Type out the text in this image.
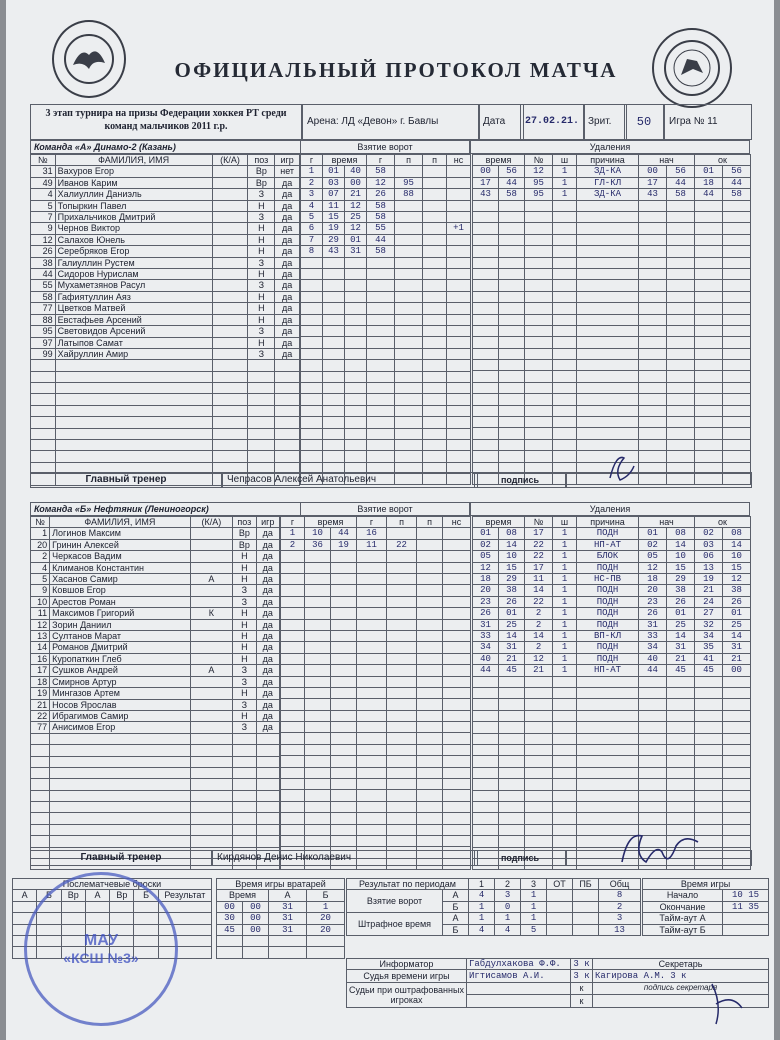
ОФИЦИАЛЬНЫЙ ПРОТОКОЛ МАТЧА
3 этап турнира на призы Федерации хоккея РТ среди команд мальчиков 2011 г.р.	Арена: ЛД «Девон» г. Бавлы	Дата	27.02.21. Зрит.	50	Игра № 11
Команда «А» Динамо-2 (Казань)	Взятие ворот	Удаления
№	ФАМИЛИЯ, ИМЯ	(К/А)	поз	игр
31	Вахуров Егор		Вр	нет
49	Иванов Карим		Вр	да
4	Халиуллин Даниэль		З	да
5	Топыркин Павел		Н	да
7	Прихальчиков Дмитрий		З	да
9	Чернов Виктор		Н	да
12	Салахов Юнель		Н	да
26	Серебряков Егор		Н	да
38	Галиуллин Рустем		З	да
44	Сидоров Нурислам		Н	да
55	Мухаметзянов Расул		З	да
58	Гафиятуллин Аяз		Н	да
77	Цветков Матвей		Н	да
88	Евстафьев Арсений		Н	да
95	Световидов Арсений		З	да
97	Латыпов Самат		Н	да
99	Хайруллин Амир		З	да

г	время		г	п	п	нс
1	01	40	58			
2	03	00	12	95		
3	07	21	26	88		
4	11	12	58			
5	15	25	58			
6	19	12	55			+1
7	29	01	44			
8	43	31	58			

время		№	ш	причина	нач		ок	
00	56	12	1	ЗД-КА	00	56	01	56
17	44	95	1	ГЛ-КЛ	17	44	18	44
43	58	95	1	ЗД-КА	43	58	44	58

Главный тренер	Чепрасов Алексей Анатольевич	подпись
Команда «Б» Нефтяник (Лениногорск)	Взятие ворот	Удаления
№	ФАМИЛИЯ, ИМЯ	(К/А)	поз	игр
1	Логинов Максим		Вр	да
20	Гринин Алексей		Вр	да
2	Черкасов Вадим		Н	да
4	Климанов Константин		Н	да
5	Хасанов Самир	А	Н	да
9	Ковшов Егор		З	да
10	Арестов Роман		З	да
11	Максимов Григорий	К	Н	да
12	Зорин Даниил		Н	да
13	Султанов Марат		Н	да
14	Романов Дмитрий		Н	да
16	Куропаткин Глеб		Н	да
17	Сушков Андрей	А	З	да
18	Смирнов Артур		З	да
19	Мингазов Артем		Н	да
21	Носов Ярослав		З	да
22	Ибрагимов Самир		Н	да
77	Анисимов Егор		З	да

г	время		г	п	п	нс
1	10	44	16			
2	36	19	11	22		

время		№	ш	причина	нач		ок	
01	08	17	1	ПОДН	01	08	02	08
02	14	22	1	НП-АТ	02	14	03	14
05	10	22	1	БЛОК	05	10	06	10
12	15	17	1	ПОДН	12	15	13	15
18	29	11	1	НС-ПВ	18	29	19	12
20	38	14	1	ПОДН	20	38	21	38
23	26	22	1	ПОДН	23	26	24	26
26	01	2	1	ПОДН	26	01	27	01
31	25	2	1	ПОДН	31	25	32	25
33	14	14	1	ВП-КЛ	33	14	34	14
34	31	2	1	ПОДН	34	31	35	31
40	21	12	1	ПОДН	40	21	41	21
44	45	21	1	НП-АТ	44	45	45	00

Главный тренер	Кирдянов Денис Николаевич	подпись
Послематчевые броски						
А	Б	Вр	А	Вр	Б	Результат

Время игры вратарей			
Время		А	Б
00	00	31	1
30	00	31	20
45	00	31	20

Результат по периодам		1	2	3	ОТ	ПБ	Общ
Взятие ворот	А	4	3	1			8
	Б	1	0	1			2
Штрафное время	А	1	1	1			3
	Б	4	4	5			13
Время игры	
Начало	10 15
Окончание	11 35
Тайм-аут А	
Тайм-аут Б	
Информатор	Габдулхакова Ф.Ф.	3 к	Секретарь
Судья времени игры	Игтисамов А.И.	3 к	Кагирова А.М. 3 к
Судьи при оштрафованных игроках		к	подпись секретаря
		к	
МАУ
«КСШ №3»
